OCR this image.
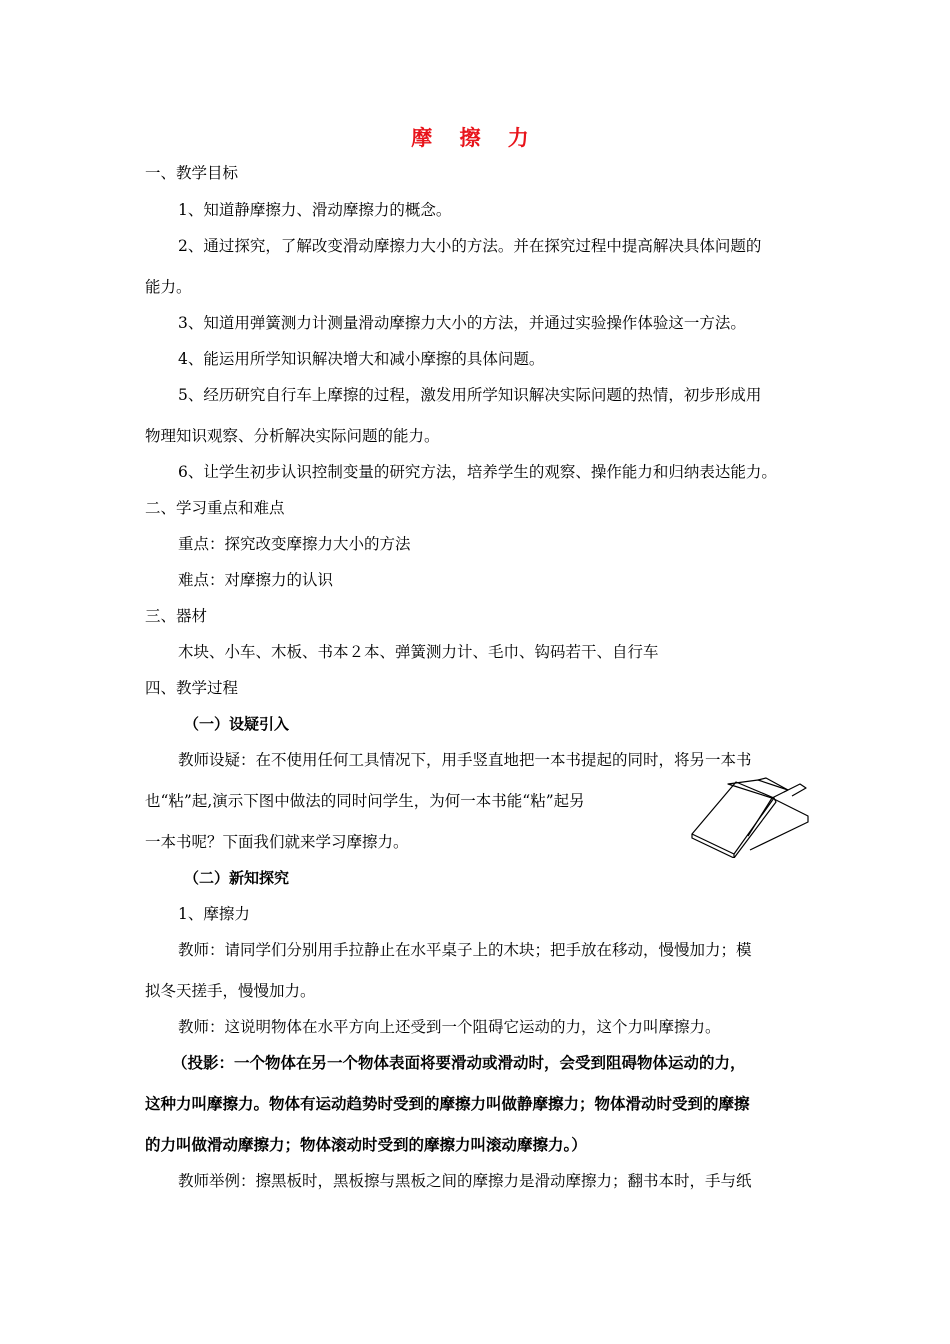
摩 擦 力
一、教学目标
1、知道静摩擦力、滑动摩擦力的概念。
2、通过探究，了解改变滑动摩擦力大小的方法。并在探究过程中提高解决具体问题的
能力。
3、知道用弹簧测力计测量滑动摩擦力大小的方法，并通过实验操作体验这一方法。
4、能运用所学知识解决增大和减小摩擦的具体问题。
5、经历研究自行车上摩擦的过程，激发用所学知识解决实际问题的热情，初步形成用
物理知识观察、分析解决实际问题的能力。
6、让学生初步认识控制变量的研究方法，培养学生的观察、操作能力和归纳表达能力。
二、学习重点和难点
重点：探究改变摩擦力大小的方法
难点：对摩擦力的认识
三、器材
木块、小车、木板、书本２本、弹簧测力计、毛巾、钩码若干、自行车
四、教学过程
（一）设疑引入
教师设疑：在不使用任何工具情况下，用手竖直地把一本书提起的同时，将另一本书
也“粘”起,演示下图中做法的同时问学生，为何一本书能“粘”起另
一本书呢？下面我们就来学习摩擦力。
（二）新知探究
1、摩擦力
教师：请同学们分别用手拉静止在水平桌子上的木块；把手放在移动，慢慢加力；模
拟冬天搓手，慢慢加力。
教师：这说明物体在水平方向上还受到一个阻碍它运动的力，这个力叫摩擦力。
（投影：一个物体在另一个物体表面将要滑动或滑动时，会受到阻碍物体运动的力，
这种力叫摩擦力。物体有运动趋势时受到的摩擦力叫做静摩擦力；物体滑动时受到的摩擦
的力叫做滑动摩擦力；物体滚动时受到的摩擦力叫滚动摩擦力。）
教师举例：擦黑板时，黑板擦与黑板之间的摩擦力是滑动摩擦力；翻书本时，手与纸
